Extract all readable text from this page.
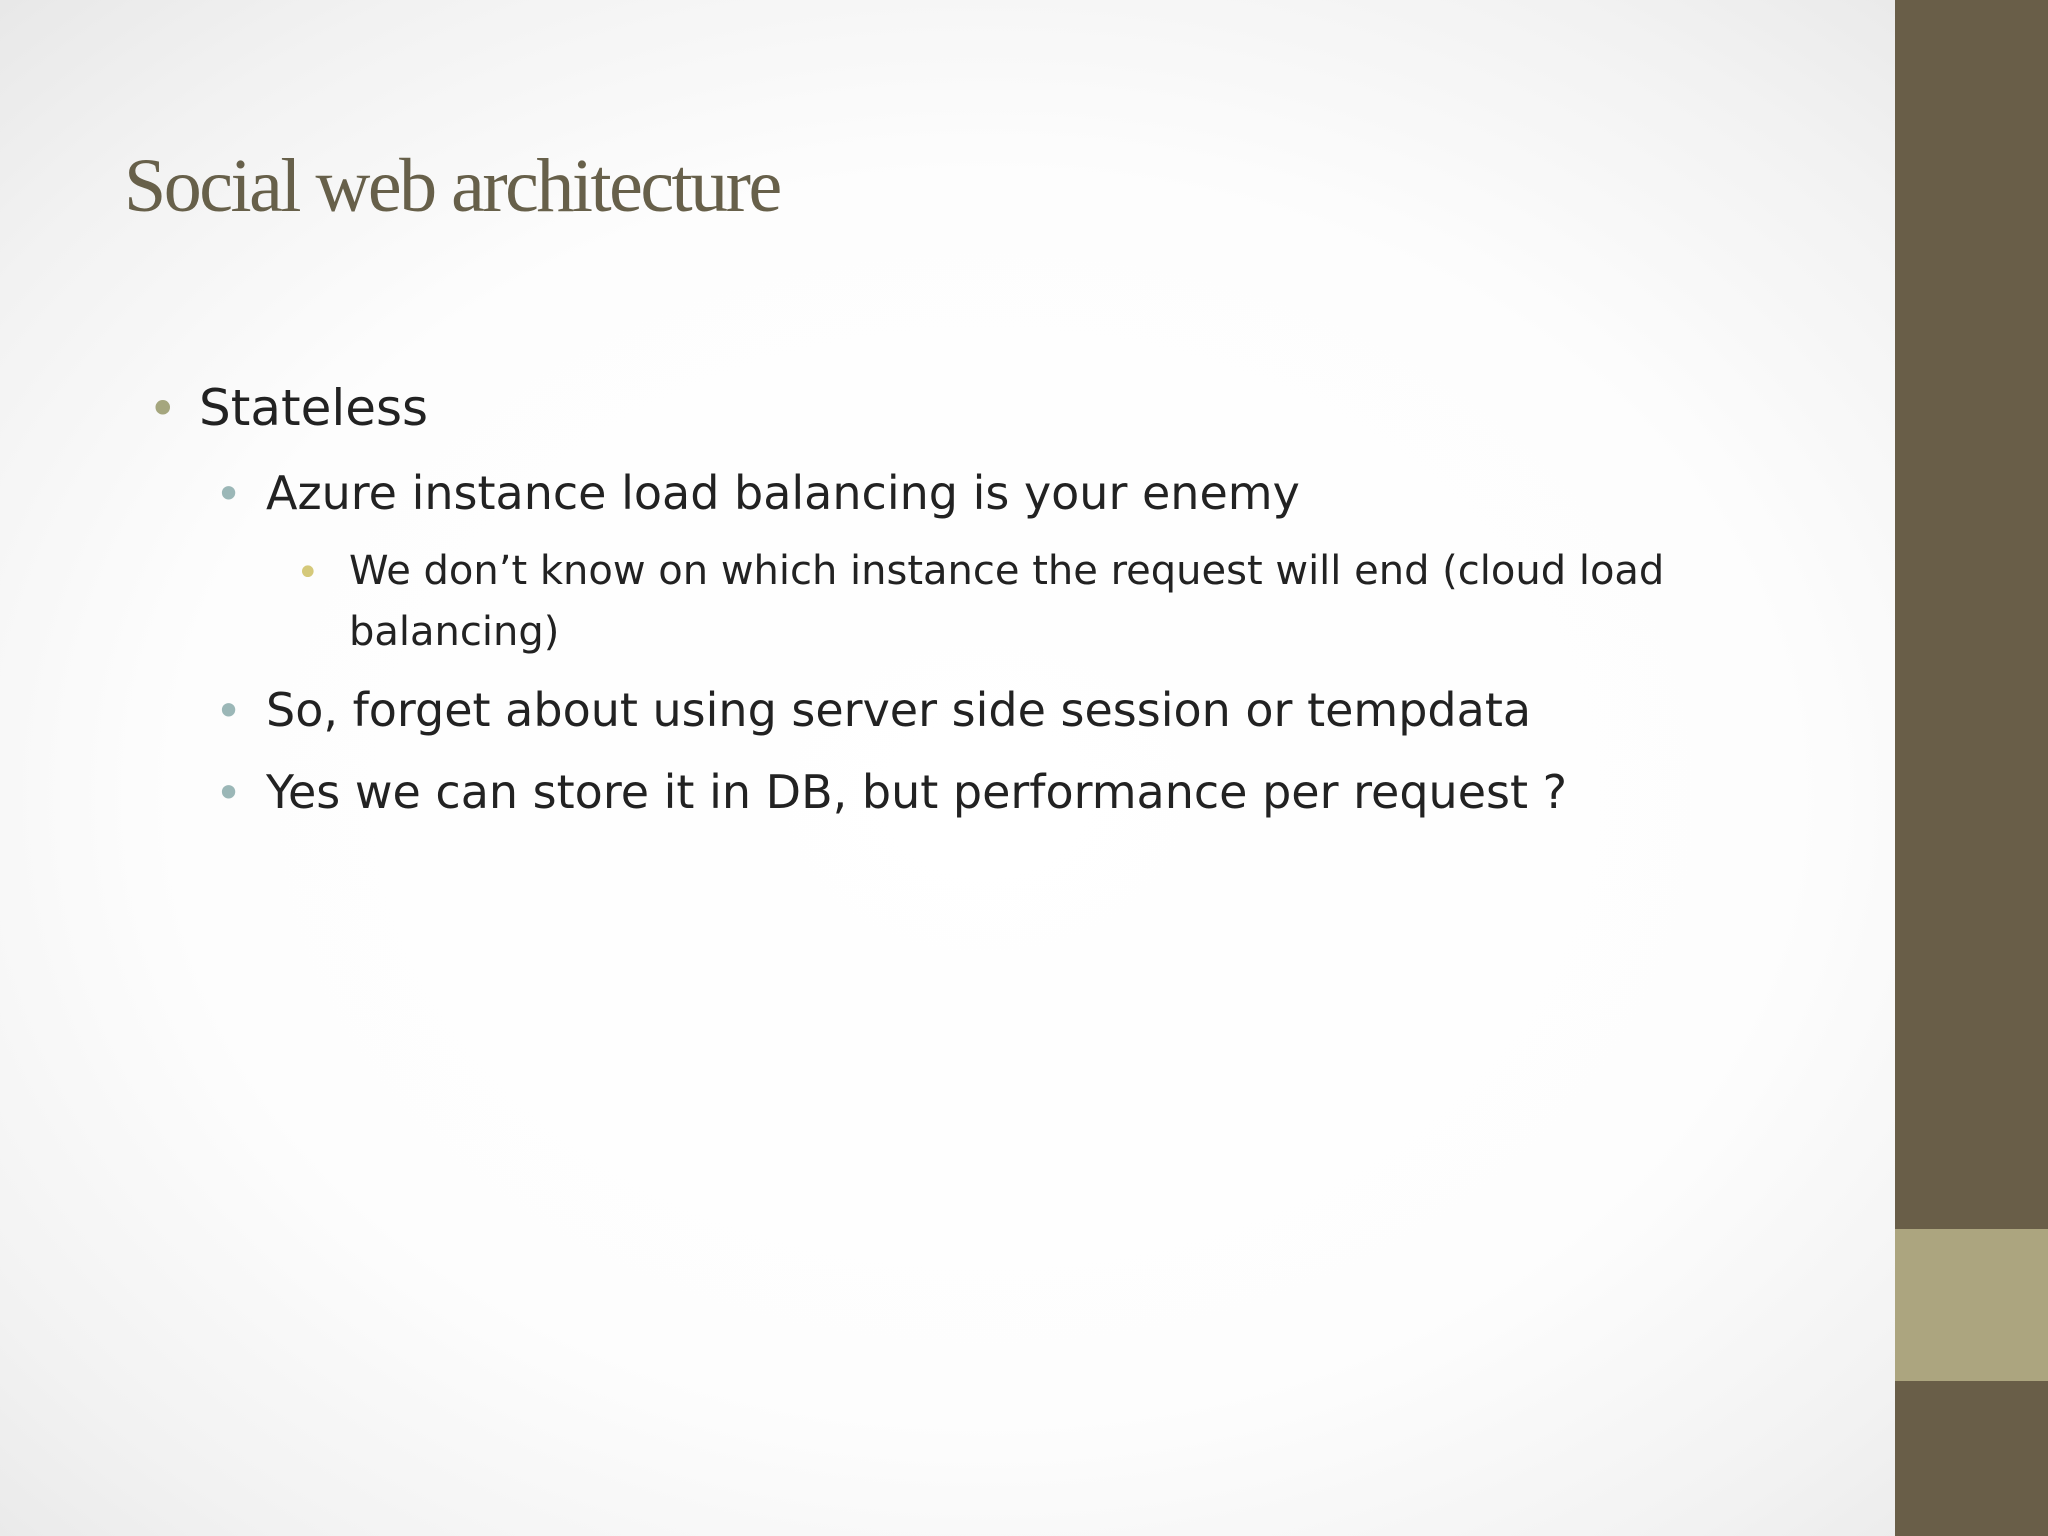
Social web architecture
• Stateless
• Azure instance load balancing is your enemy
• We don’t know on which instance the request will end (cloud load
balancing)
• So, forget about using server side session or tempdata
• Yes we can store it in DB, but performance per request ?
